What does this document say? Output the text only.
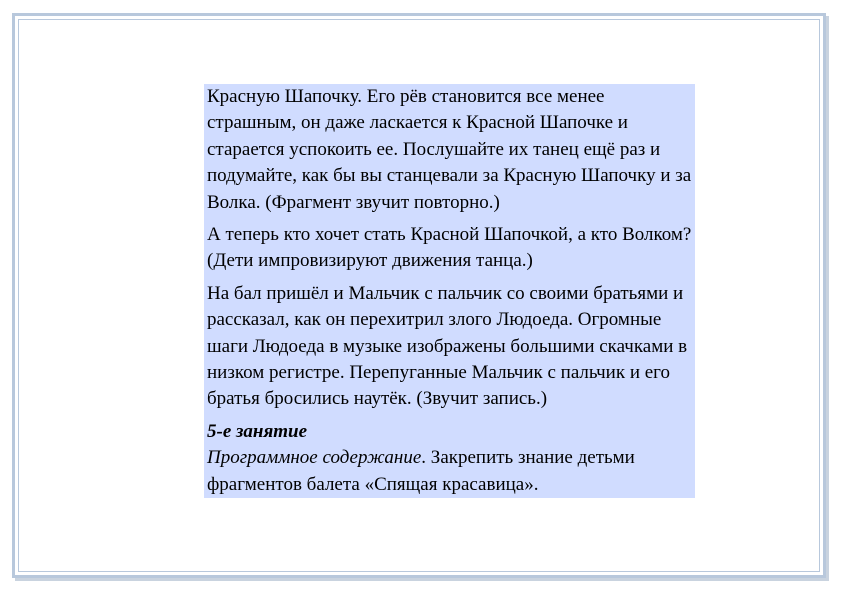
Красную Шапочку. Его рёв становится все менее страшным, он даже ласкается к Красной Шапочке и старается успокоить ее. Послушайте их танец ещё раз и подумайте, как бы вы станцевали за Красную Шапочку и за Волка. (Фрагмент звучит повторно.)

А теперь кто хочет стать Красной Шапочкой, а кто Волком? (Дети импровизируют движения танца.)

На бал пришёл и Мальчик с пальчик со своими братьями и рассказал, как он перехитрил злого Людоеда. Огромные шаги Людоеда в музыке изображены большими скачками в низком регистре. Перепуганные Мальчик с пальчик и его братья бросились наутёк. (Звучит запись.)

5-е занятие

Программное содержание. Закрепить знание детьми фрагментов балета «Спящая красавица».
